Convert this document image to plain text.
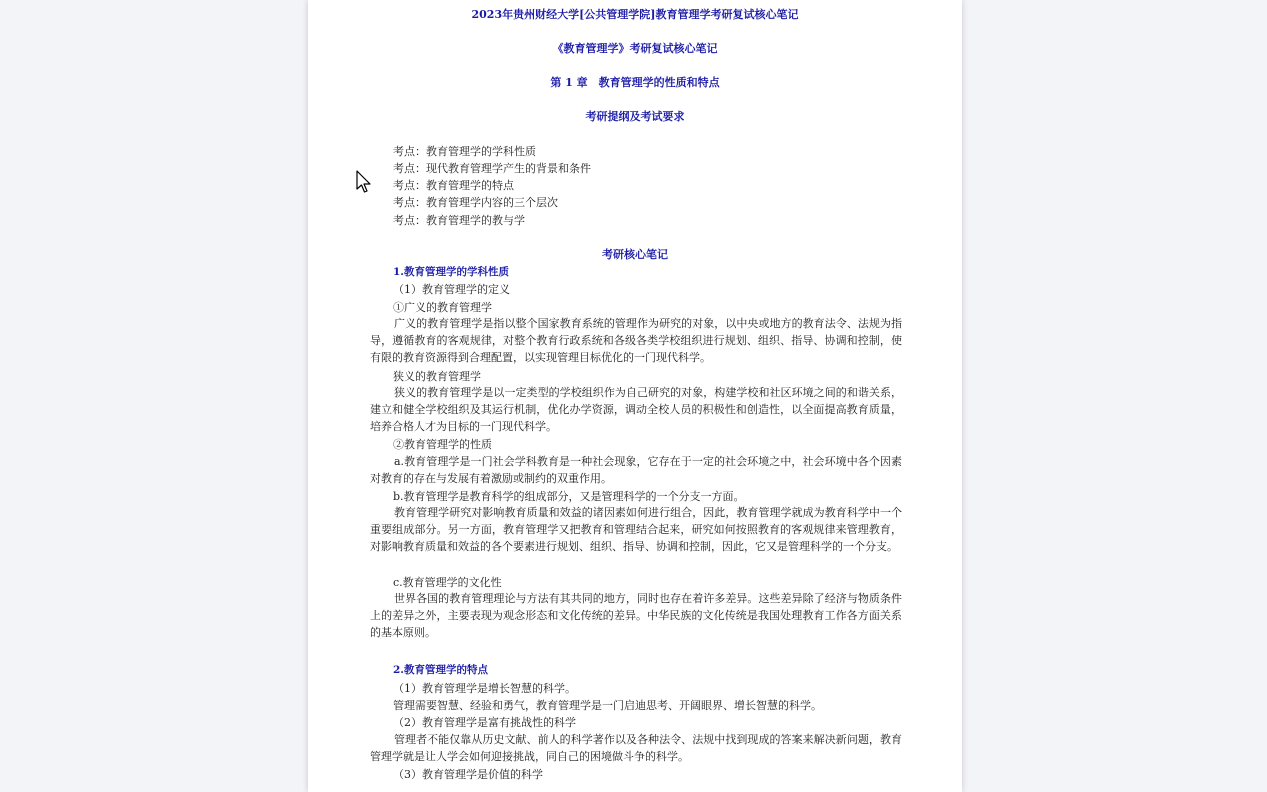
2023年贵州财经大学[公共管理学院]教育管理学考研复试核心笔记
《教育管理学》考研复试核心笔记
第 1 章　教育管理学的性质和特点
考研提纲及考试要求
考点：教育管理学的学科性质
考点：现代教育管理学产生的背景和条件
考点：教育管理学的特点
考点：教育管理学内容的三个层次
考点：教育管理学的教与学
考研核心笔记
1.教育管理学的学科性质
（1）教育管理学的定义
①广义的教育管理学
广义的教育管理学是指以整个国家教育系统的管理作为研究的对象，以中央或地方的教育法令、法规为指导，遵循教育的客观规律，对整个教育行政系统和各级各类学校组织进行规划、组织、指导、协调和控制，使有限的教育资源得到合理配置，以实现管理目标优化的一门现代科学。
狭义的教育管理学
狭义的教育管理学是以一定类型的学校组织作为自己研究的对象，构建学校和社区环境之间的和谐关系，建立和健全学校组织及其运行机制，优化办学资源，调动全校人员的积极性和创造性，以全面提高教育质量，培养合格人才为目标的一门现代科学。
②教育管理学的性质
a.教育管理学是一门社会学科教育是一种社会现象，它存在于一定的社会环境之中，社会环境中各个因素对教育的存在与发展有着激励或制约的双重作用。
b.教育管理学是教育科学的组成部分，又是管理科学的一个分支一方面。
教育管理学研究对影响教育质量和效益的诸因素如何进行组合，因此，教育管理学就成为教育科学中一个重要组成部分。另一方面，教育管理学又把教育和管理结合起来，研究如何按照教育的客观规律来管理教育，对影响教育质量和效益的各个要素进行规划、组织、指导、协调和控制，因此，它又是管理科学的一个分支。
c.教育管理学的文化性
世界各国的教育管理理论与方法有其共同的地方，同时也存在着许多差异。这些差异除了经济与物质条件上的差异之外，主要表现为观念形态和文化传统的差异。中华民族的文化传统是我国处理教育工作各方面关系的基本原则。
2.教育管理学的特点
（1）教育管理学是增长智慧的科学。
管理需要智慧、经验和勇气，教育管理学是一门启迪思考、开阔眼界、增长智慧的科学。
（2）教育管理学是富有挑战性的科学
管理者不能仅靠从历史文献、前人的科学著作以及各种法令、法规中找到现成的答案来解决新问题，教育管理学就是让人学会如何迎接挑战，同自己的困境做斗争的科学。
（3）教育管理学是价值的科学
